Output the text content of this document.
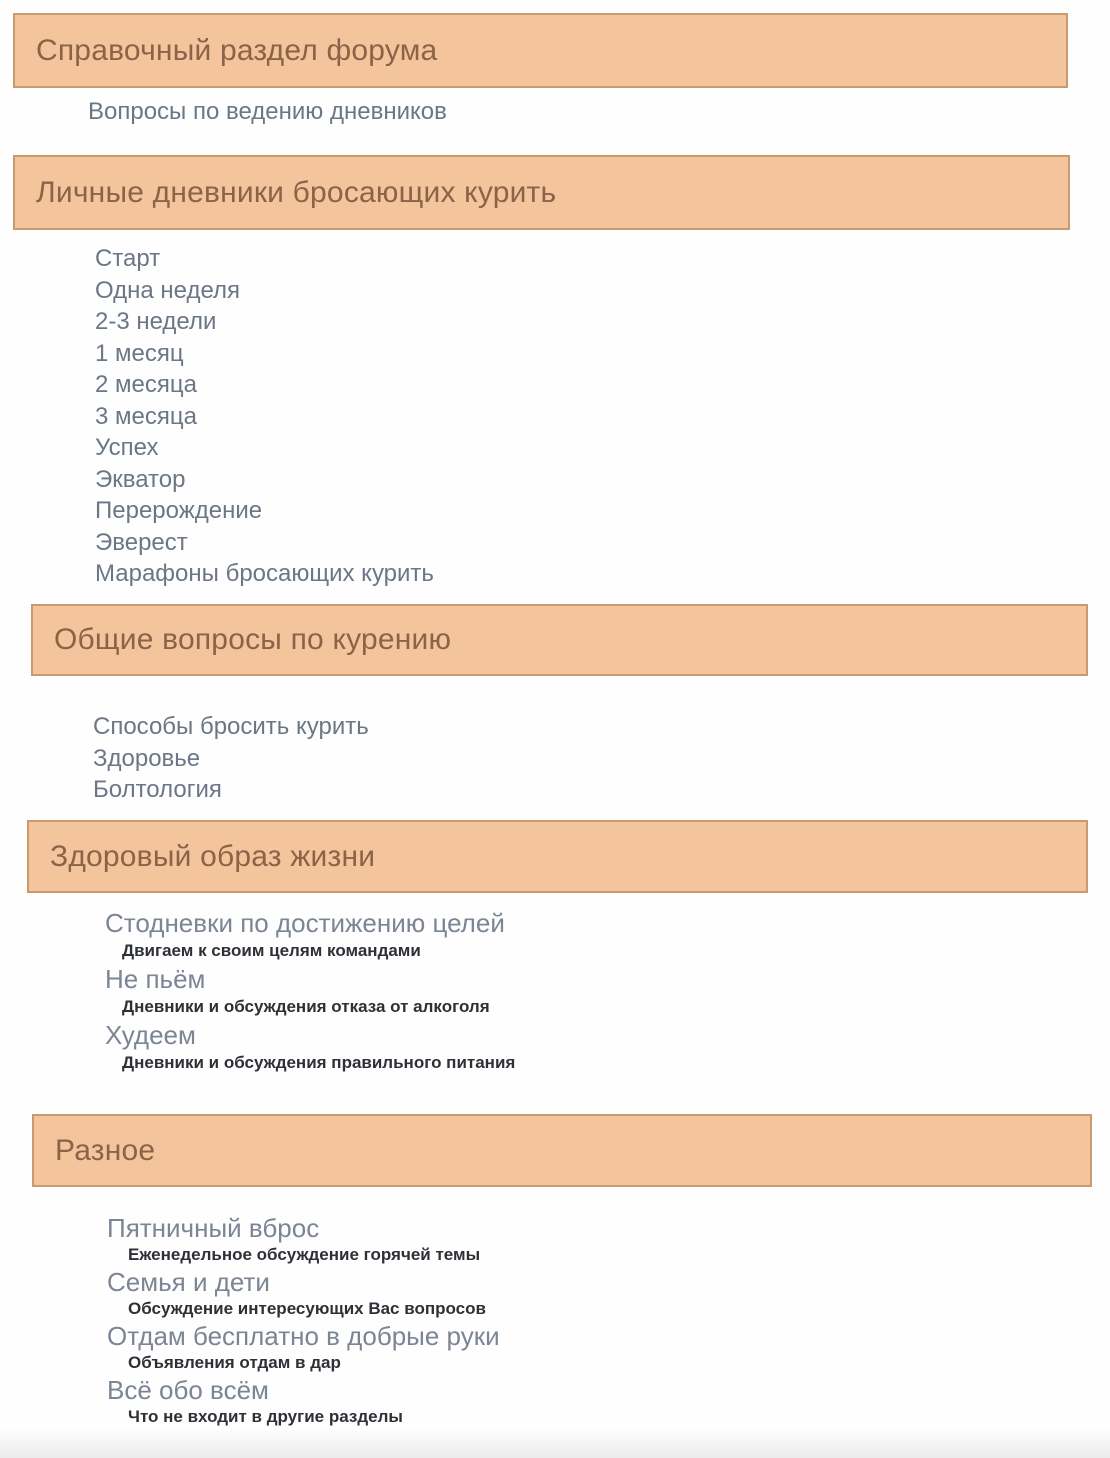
Справочный раздел форума
Вопросы по ведению дневников
Личные дневники бросающих курить
Старт
Одна неделя
2-3 недели
1 месяц
2 месяца
3 месяца
Успех
Экватор
Перерождение
Эверест
Марафоны бросающих курить
Общие вопросы по курению
Способы бросить курить
Здоровье
Болтология
Здоровый образ жизни
Стодневки по достижению целей
Двигаем к своим целям командами
Не пьём
Дневники и обсуждения отказа от алкоголя
Худеем
Дневники и обсуждения правильного питания
Разное
Пятничный вброс
Еженедельное обсуждение горячей темы
Семья и дети
Обсуждение интересующих Вас вопросов
Отдам бесплатно в добрые руки
Объявления отдам в дар
Всё обо всём
Что не входит в другие разделы
